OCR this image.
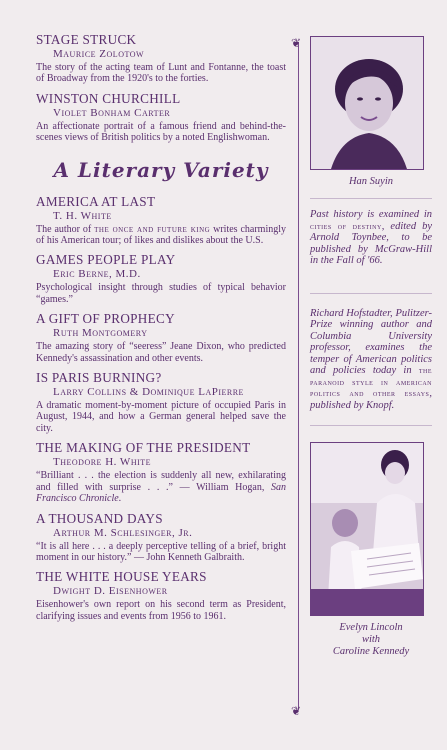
STAGE STRUCK

Maurice Zolotow

The story of the acting team of Lunt and Fontanne, the toast of Broadway from the 1920's to the forties.

WINSTON CHURCHILL

Violet Bonham Carter

An affectionate portrait of a famous friend and behind-the-scenes views of British politics by a noted Englishwoman.

A Literary Variety

AMERICA AT LAST

T. H. White

The author of the once and future king writes charmingly of his American tour; of likes and dislikes about the U.S.

GAMES PEOPLE PLAY

Eric Berne, M.D.

Psychological insight through studies of typical behavior “games.”

A GIFT OF PROPHECY

Ruth Montgomery

The amazing story of “seeress” Jeane Dixon, who predicted Kennedy's assassination and other events.

IS PARIS BURNING?

Larry Collins & Dominique LaPierre

A dramatic moment-by-moment picture of occupied Paris in August, 1944, and how a German general helped save the city.

THE MAKING OF THE PRESIDENT

Theodore H. White

“Brilliant . . . the election is suddenly all new, exhilarating and filled with surprise . . .” — William Hogan, San Francisco Chronicle.

A THOUSAND DAYS

Arthur M. Schlesinger, Jr.

“It is all here . . . a deeply perceptive telling of a brief, bright moment in our history.” — John Kenneth Galbraith.

THE WHITE HOUSE YEARS

Dwight D. Eisenhower

Eisenhower's own report on his second term as President, clarifying issues and events from 1956 to 1961.

❦
❦
Han Suyin

Past history is examined in cities of destiny, edited by Arnold Toynbee, to be published by McGraw-Hill in the Fall of '66.

Richard Hofstadter, Pulitzer-Prize winning author and Columbia University professor, examines the temper of American politics and policies today in the paranoid style in american politics and other essays, published by Knopf.

Evelyn Lincoln
with
Caroline Kennedy
